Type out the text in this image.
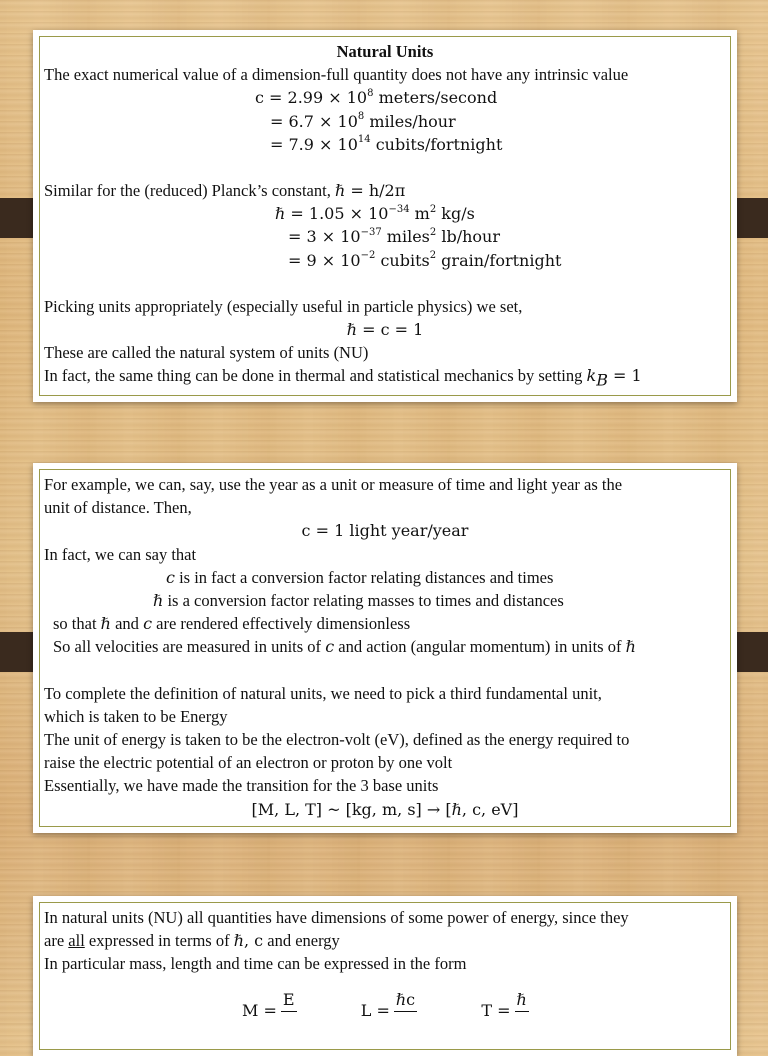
Natural Units
The exact numerical value of a dimension-full quantity does not have any intrinsic value
$c = 2.99 \times 10^8$ meters/second
= $6.7 \times 10^8$ miles/hour
= $7.9 \times 10^{14}$ cubits/fortnight
Similar for the (reduced) Planck’s constant, ℏ = h/2π
ℏ = $1.05 \times 10^{-34}$ $m^2$ kg/s
= $3 \times 10^{-37}$ miles$^2$ lb/hour
= $9 \times 10^{-2}$ cubits$^2$ grain/fortnight
Picking units appropriately (especially useful in particle physics) we set,
ℏ = c = 1
These are called the natural system of units (NU)
In fact, the same thing can be done in thermal and statistical mechanics by setting $k_B = 1$
For example, we can, say, use the year as a unit or measure of time and light year as the
unit of distance. Then,
c = 1 light year/year
In fact, we can say that
c is in fact a conversion factor relating distances and times
ℏ is a conversion factor relating masses to times and distances
so that ℏ and c are rendered effectively dimensionless
So all velocities are measured in units of c and action (angular momentum) in units of ℏ
To complete the definition of natural units, we need to pick a third fundamental unit,
which is taken to be Energy
The unit of energy is taken to be the electron-volt (eV), defined as the energy required to
raise the electric potential of an electron or proton by one volt
Essentially, we have made the transition for the 3 base units
[M, L, T] ~ [kg, m, s] → [ℏ, c, eV]
In natural units (NU) all quantities have dimensions of some power of energy, since they
are all expressed in terms of ℏ, c and energy
In particular mass, length and time can be expressed in the form
M =
E

L =
ℏc

T =
ℏ
